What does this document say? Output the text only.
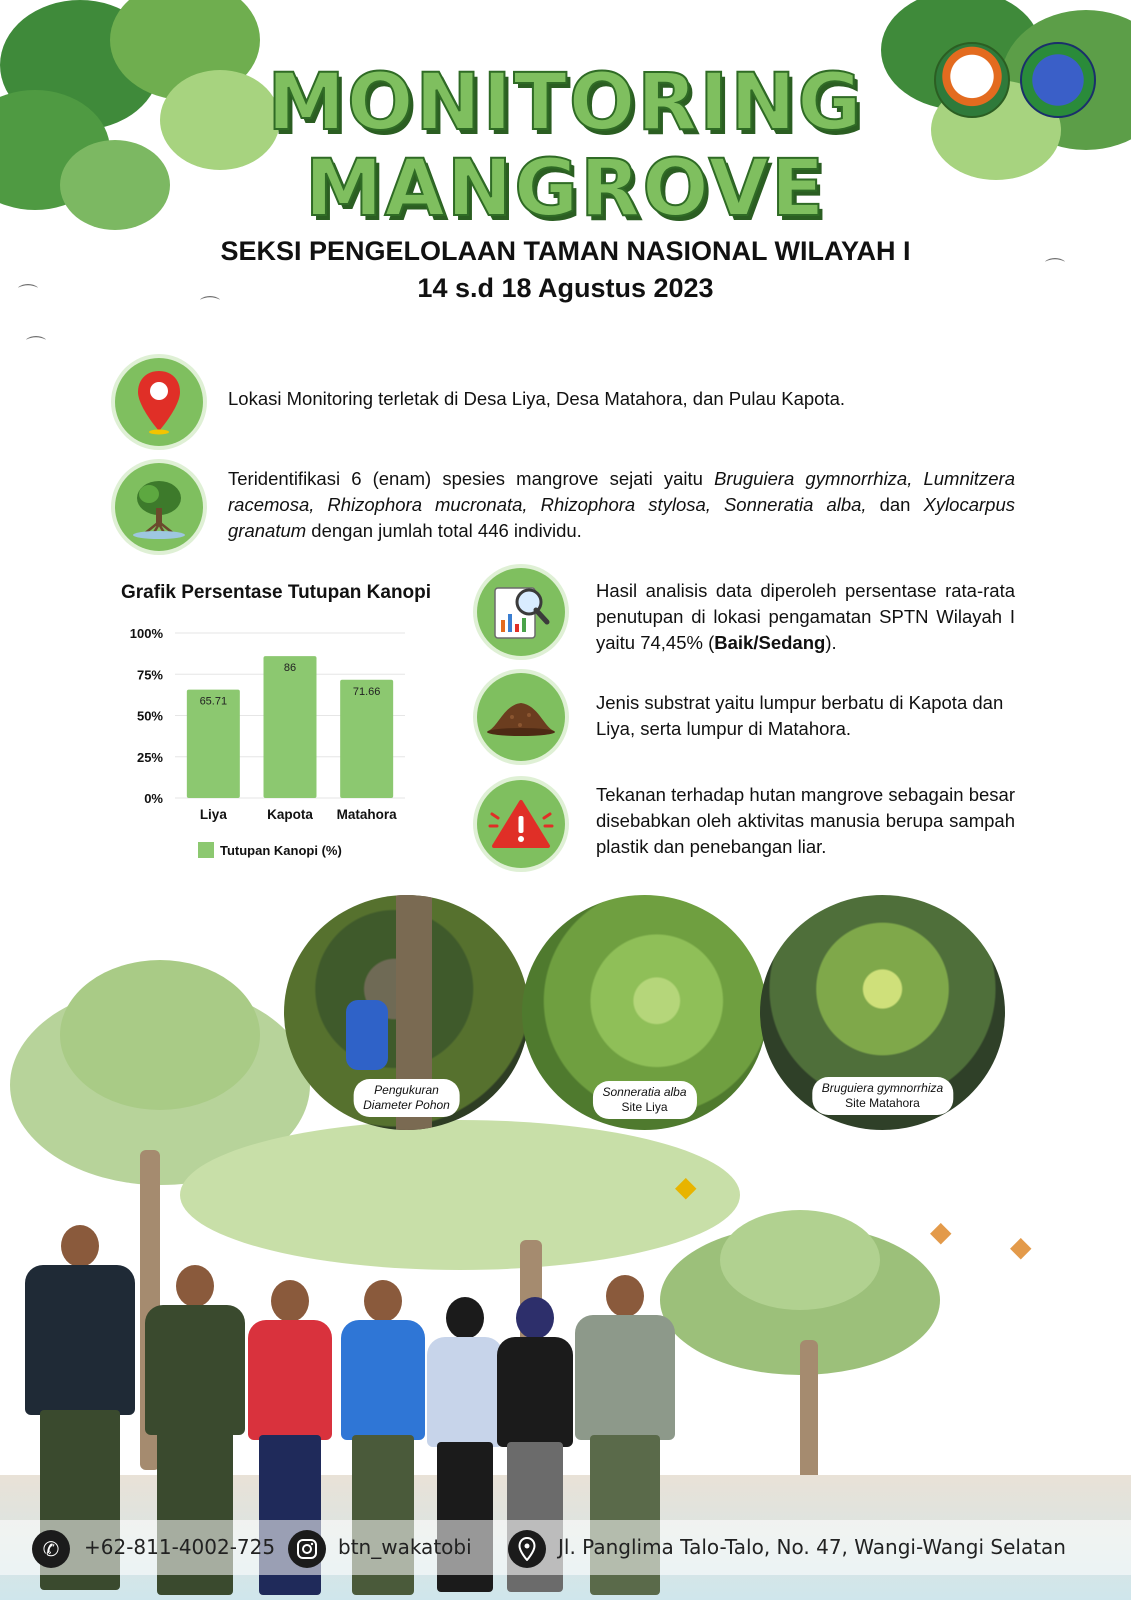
⌒
⌒
⌒
⌒
MONITORING
MANGROVE
SEKSI PENGELOLAAN TAMAN NASIONAL WILAYAH I
14 s.d 18 Agustus 2023
Lokasi Monitoring terletak di Desa Liya, Desa Matahora, dan Pulau Kapota.
Teridentifikasi 6 (enam) spesies mangrove sejati yaitu Bruguiera gymnorrhiza, Lumnitzera racemosa, Rhizophora mucronata, Rhizophora stylosa, Sonneratia alba, dan Xylocarpus granatum dengan jumlah total 446 individu.
Grafik Persentase Tutupan Kanopi
0%
25%
50%
75%
100%
65.71
Liya
86
Kapota
71.66
Matahora
Tutupan Kanopi (%)
Hasil analisis data diperoleh persentase rata-rata penutupan di lokasi pengamatan SPTN Wilayah I yaitu 74,45% (Baik/Sedang).
Jenis substrat yaitu lumpur berbatu di Kapota dan Liya, serta lumpur di Matahora.
Tekanan terhadap hutan mangrove sebagain besar disebabkan oleh aktivitas manusia berupa sampah plastik dan penebangan liar.
◆
◆ ◆
Pengukuran
Diameter Pohon
Sonneratia alba
Site Liya
Bruguiera gymnorrhiza
Site Matahora
✆	+62-811-4002-725	btn_wakatobi	Jl. Panglima Talo-Talo, No. 47, Wangi-Wangi Selatan
